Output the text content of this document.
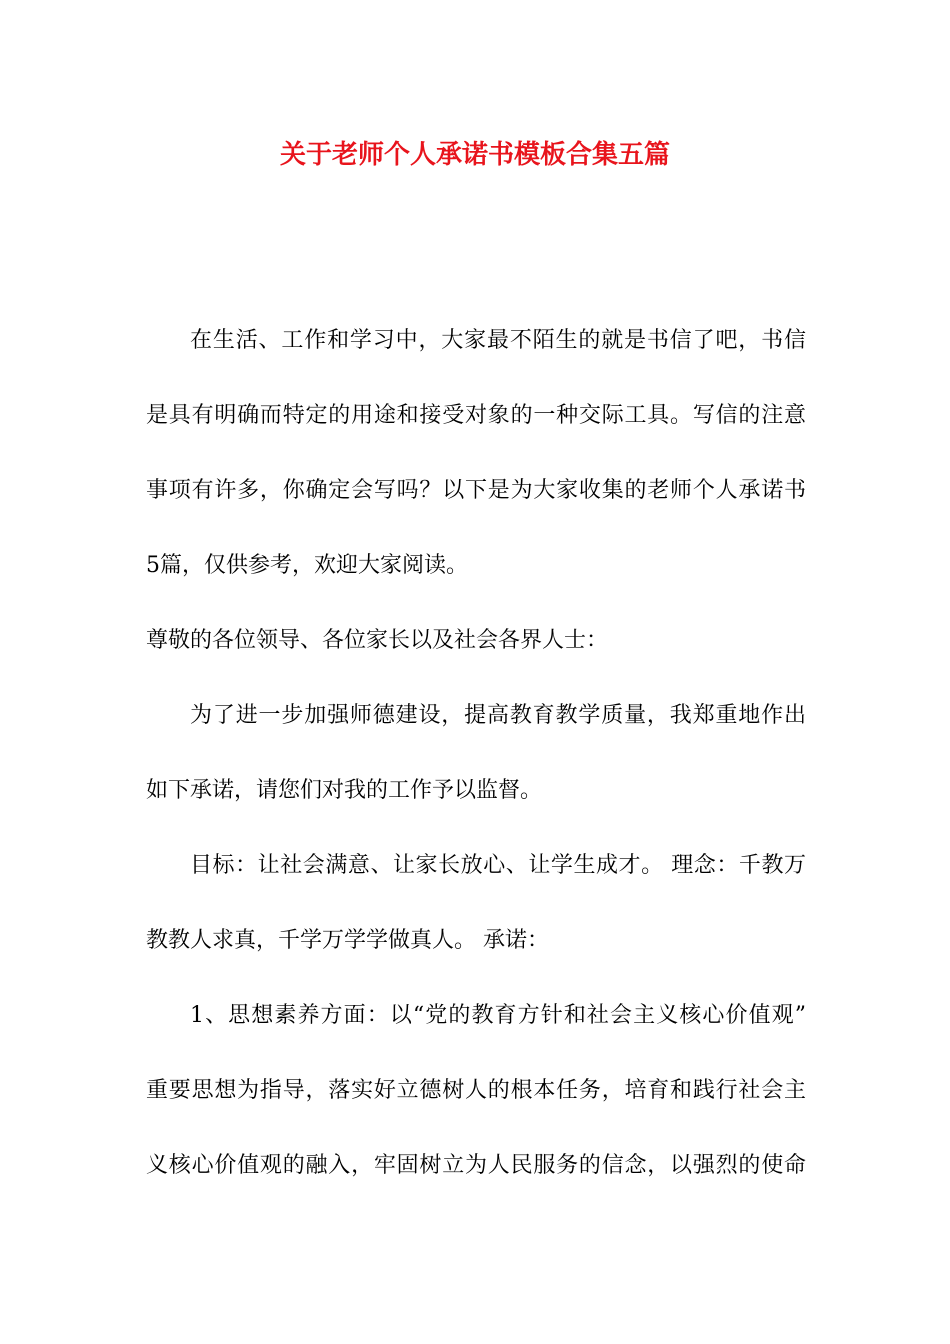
关于老师个人承诺书模板合集五篇
在生活、工作和学习中，大家最不陌生的就是书信了吧，书信
是具有明确而特定的用途和接受对象的一种交际工具。写信的注意
事项有许多，你确定会写吗？以下是为大家收集的老师个人承诺书
5篇，仅供参考，欢迎大家阅读。
尊敬的各位领导、各位家长以及社会各界人士：
为了进一步加强师德建设，提高教育教学质量，我郑重地作出
如下承诺，请您们对我的工作予以监督。
目标：让社会满意、让家长放心、让学生成才。 理念：千教万
教教人求真，千学万学学做真人。 承诺：
1、思想素养方面：以“党的教育方针和社会主义核心价值观”
重要思想为指导，落实好立德树人的根本任务，培育和践行社会主
义核心价值观的融入，牢固树立为人民服务的信念，以强烈的使命
